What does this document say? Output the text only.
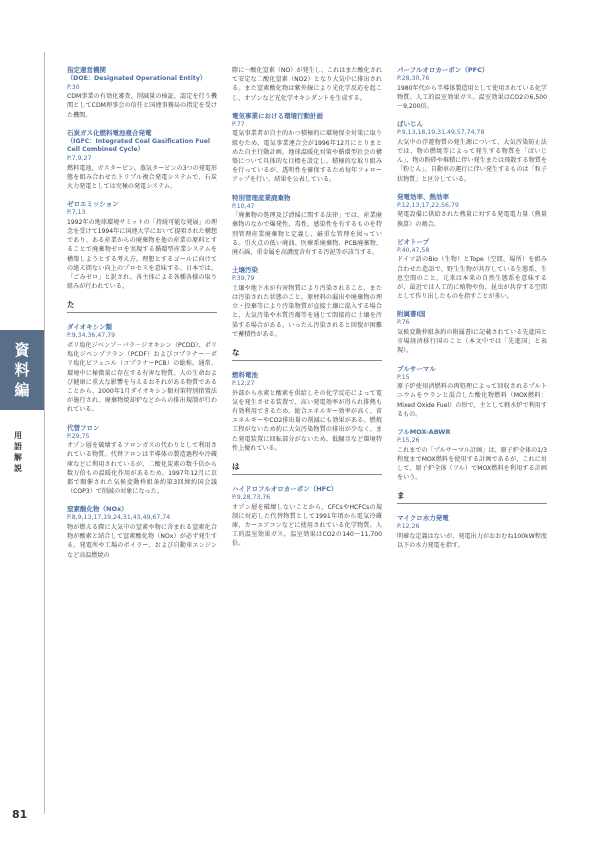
資
料
編
用
語
解
説
81
指定運営機関
（DOE：Designated Operational Entity）
P.30
CDM事業の有効化審査、削減量の検証、認定を行う機関としてCDM理事会の信任と国連事務局の指定を受けた機関。
石炭ガス化燃料電池複合発電
（IGFC：Integrated Coal Gasification Fuel Cell Combined Cycle）
P.7,9,27
燃料電池、ガスタービン、蒸気タービンの3つの発電形態を組み合わせたトリプル複合発電システムで、石炭火力発電としては究極の発電システム。
ゼロエミッション
P.7,13
1992年の地球環境サミットの「持続可能な発展」の理念を受けて1994年に国連大学において提唱された構想であり、ある産業からの廃棄物を他の産業の原料とすることで廃棄物ゼロを実現する循環型産業システムを構築しようとする考え方。理想とするゴールに向けての絶え間ない向上のプロセスを意味する。日本では、「ごみゼロ」と訳され、各主体による各種各様の取り組みが行われている。
た
ダイオキシン類
P.9,34,36,47,79
ポリ塩化ジベンゾ－パラ－ジオキシン（PCDD）、ポリ塩化ジベンゾフラン（PCDF）およびコプラナー－ポリ塩化ビフェニル（コプラナーPCB）の総称。通常、環境中に極微量に存在する有害な物質。人の生命および健康に重大な影響を与えるおそれがある物質であることから、2000年1月ダイオキシン類対策特別措置法が施行され、廃棄物焼却炉などからの排出規制が行われている。
代替フロン
P.29,75
オゾン層を破壊するフロンガスの代わりとして利用されている物質。代替フロンは半導体の製造過程や冷蔵庫などに利用されているが、二酸化炭素の数千倍から数万倍もの温暖化作用があるため、1997年12月に京都で開催された気候変動枠組条約第3回締約国会議（COP3）で削減の対象になった。
窒素酸化物（NOx）
P.8,9,13,17,19,24,31,43,49,67,74
物が燃える際に大気中の窒素や物に含まれる窒素化合物が酸素と結合して窒素酸化物（NOx）が必ず発生する。発電所や工場のボイラー、および自動車エンジンなど高温燃焼の
際に一酸化窒素（NO）が発生し、これはまた酸化されて安定な二酸化窒素（NO2）となり大気中に排出される。また窒素酸化物は紫外線により光化学反応を起こし、オゾンなど光化学オキシダントを生成する。
電気事業における環境行動計画
P.77
電気事業者が自主的かつ積極的に環境保全対策に取り組むため、電気事業連合会が1996年12月にとりまとめた自主行動計画。地球温暖化対策や循環型社会の構築について具体的な目標を設定し、積極的な取り組みを行っているが、透明性を確保するため毎年フォローアップを行い、結果を公表している。
特別管理産業廃棄物
P.10,47
「廃棄物の処理及び清掃に関する法律」では、産業廃棄物のなかで爆発性、毒性、感染性を有するものを特別管理産業廃棄物と定義し、厳重な管理を図っている。引火点の低い廃油、医療系廃棄物、PCB廃棄物、廃石綿、重金属を高濃度含有する汚泥等が該当する。
土壌汚染
P.39,79
土壌や地下水が有害物質により汚染されること、または汚染された状態のこと。原材料の漏出や廃棄物の埋立・投棄等により汚染物質が直接土壌に混入する場合と、大気汚染や水質汚濁等を通じて間接的に土壌を汚染する場合がある。いったん汚染されると回復が困難で蓄積性がある。
な
燃料電池
P.12,27
外部から水素と酸素を供給しその化学反応によって電気を発生させる装置で、高い発電効率が得られ排熱も有効利用できるため、総合エネルギー効率が高く、省エネルギーやCO2排出量の削減にも効果がある。燃焼工程がないため約に大気汚染物質の排出が少なく、また発電装置に回転部分がないため、低騒音など環境特性上優れている。
は
ハイドロフルオロカーボン（HFC）
P.9,28,73,76
オゾン層を破壊しないことから、CFCsやHCFCsの規制に対応した代替物質として1991年頃から電気冷蔵庫、カーエアコンなどに使用されている化学物質。人工的温室効果ガス。温室効果はCO2の140～11,700倍。
パーフルオロカーボン（PFC）
P.28,30,76
1980年代から半導体製造用として使用されている化学物質。人工的温室効果ガス。温室効果はCO2の6,500～9,200倍。
ばいじん
P.9,13,18,19,31,49,57,74,78
大気中の浮遊物質の発生源について、大気汚染防止法では、物の燃焼等によって発生する物質を「ばいじん」、物の粉砕や堆積に伴い発生または飛散する物質を「粉じん」、自動車の運行に伴い発生するものは「粒子状物質」と区分している。
発電効率、熱効率
P.12,13,17,22,56,79
発電設備に供給された熱量に対する発電電力量（熱量換算）の割合。
ビオトープ
P.40,47,58
ドイツ語のBio（生物）とTope（空間、場所）を組み合わせた造語で、野生生物が共存している生態系、生息空間のこと。元来は本来の自然生態系を意味するが、最近では人工的に植物や魚、昆虫が共存する空間として作り出したものを指すことが多い。
附属書Ⅰ国
P.76
気候変動枠組条約の附属書Ⅰに記載されている先進国と市場経済移行国のこと（本文中では「先進国」と表現）。
プルサーマル
P.15
原子炉使用済燃料の再処理によって回収されるプルトニウムをウランと混合した酸化物燃料（MOX燃料：Mixed Oxide Fuel）の形で、主として軽水炉で利用するもの。
フルMOX-ABWR
P.15,26
これまでの「プルサーマル計画」は、原子炉全体の1/3程度までMOX燃料を使用する計画であるが、これに対して、原子炉全体（フル）でMOX燃料を利用する計画をいう。
ま
マイクロ水力発電
P.12,26
明確な定義はないが、発電出力がおおむね100kW程度以下の水力発電を指す。
